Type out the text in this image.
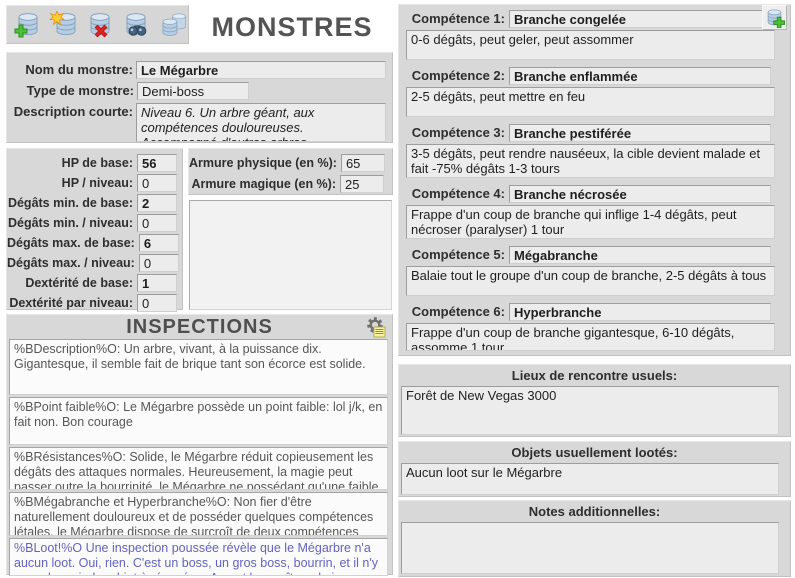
MONSTRES
Nom du monstre:
Le Mégarbre
Type de monstre:
Demi-boss
Description courte:
Niveau 6. Un arbre géant, aux compétences douloureuses. Accompagné d'autres arbres.
HP de base:
56
HP / niveau:
0
Dégâts min. de base:
2
Dégâts min. / niveau:
0
Dégâts max. de base:
6
Dégâts max. / niveau:
0
Dextérité de base:
1
Dextérité par niveau:
0
Armure physique (en %):
65
Armure magique (en %):
25
INSPECTIONS
%BDescription%O: Un arbre, vivant, à la puissance dix. Gigantesque, il semble fait de brique tant son écorce est solide.
%BPoint faible%O: Le Mégarbre possède un point faible: lol j/k, en fait non. Bon courage
%BRésistances%O: Solide, le Mégarbre réduit copieusement les dégâts des attaques normales. Heureusement, la magie peut passer outre la bourrinité, le Mégarbre ne possédant qu'une faible (mais point nulle) résistance magique.
%BMégabranche et Hyperbranche%O: Non fier d'être naturellement douloureux et de posséder quelques compétences létales, le Mégarbre dispose de surcroît de deux compétences relativement meurtrières, la
%BLoot!%O Une inspection poussée révèle que le Mégarbre n'a aucun loot. Oui, rien. C'est un boss, un gros boss, bourrin, et il n'y a pas le moindre objet à récupérer. A mort les maîtres du jeu radins!
Compétence 1:
Branche congelée
0-6 dégâts, peut geler, peut assommer
Compétence 2:
Branche enflammée
2-5 dégâts, peut mettre en feu
Compétence 3:
Branche pestiférée
3-5 dégâts, peut rendre nauséeux, la cible devient malade et fait -75% dégâts 1-3 tours
Compétence 4:
Branche nécrosée
Frappe d'un coup de branche qui inflige 1-4 dégâts, peut nécroser (paralyser) 1 tour
Compétence 5:
Mégabranche
Balaie tout le groupe d'un coup de branche, 2-5 dégâts à tous
Compétence 6:
Hyperbranche
Frappe d'un coup de branche gigantesque, 6-10 dégâts, assomme 1 tour
Lieux de rencontre usuels:
Forêt de New Vegas 3000
Objets usuellement lootés:
Aucun loot sur le Mégarbre
Notes additionnelles:
